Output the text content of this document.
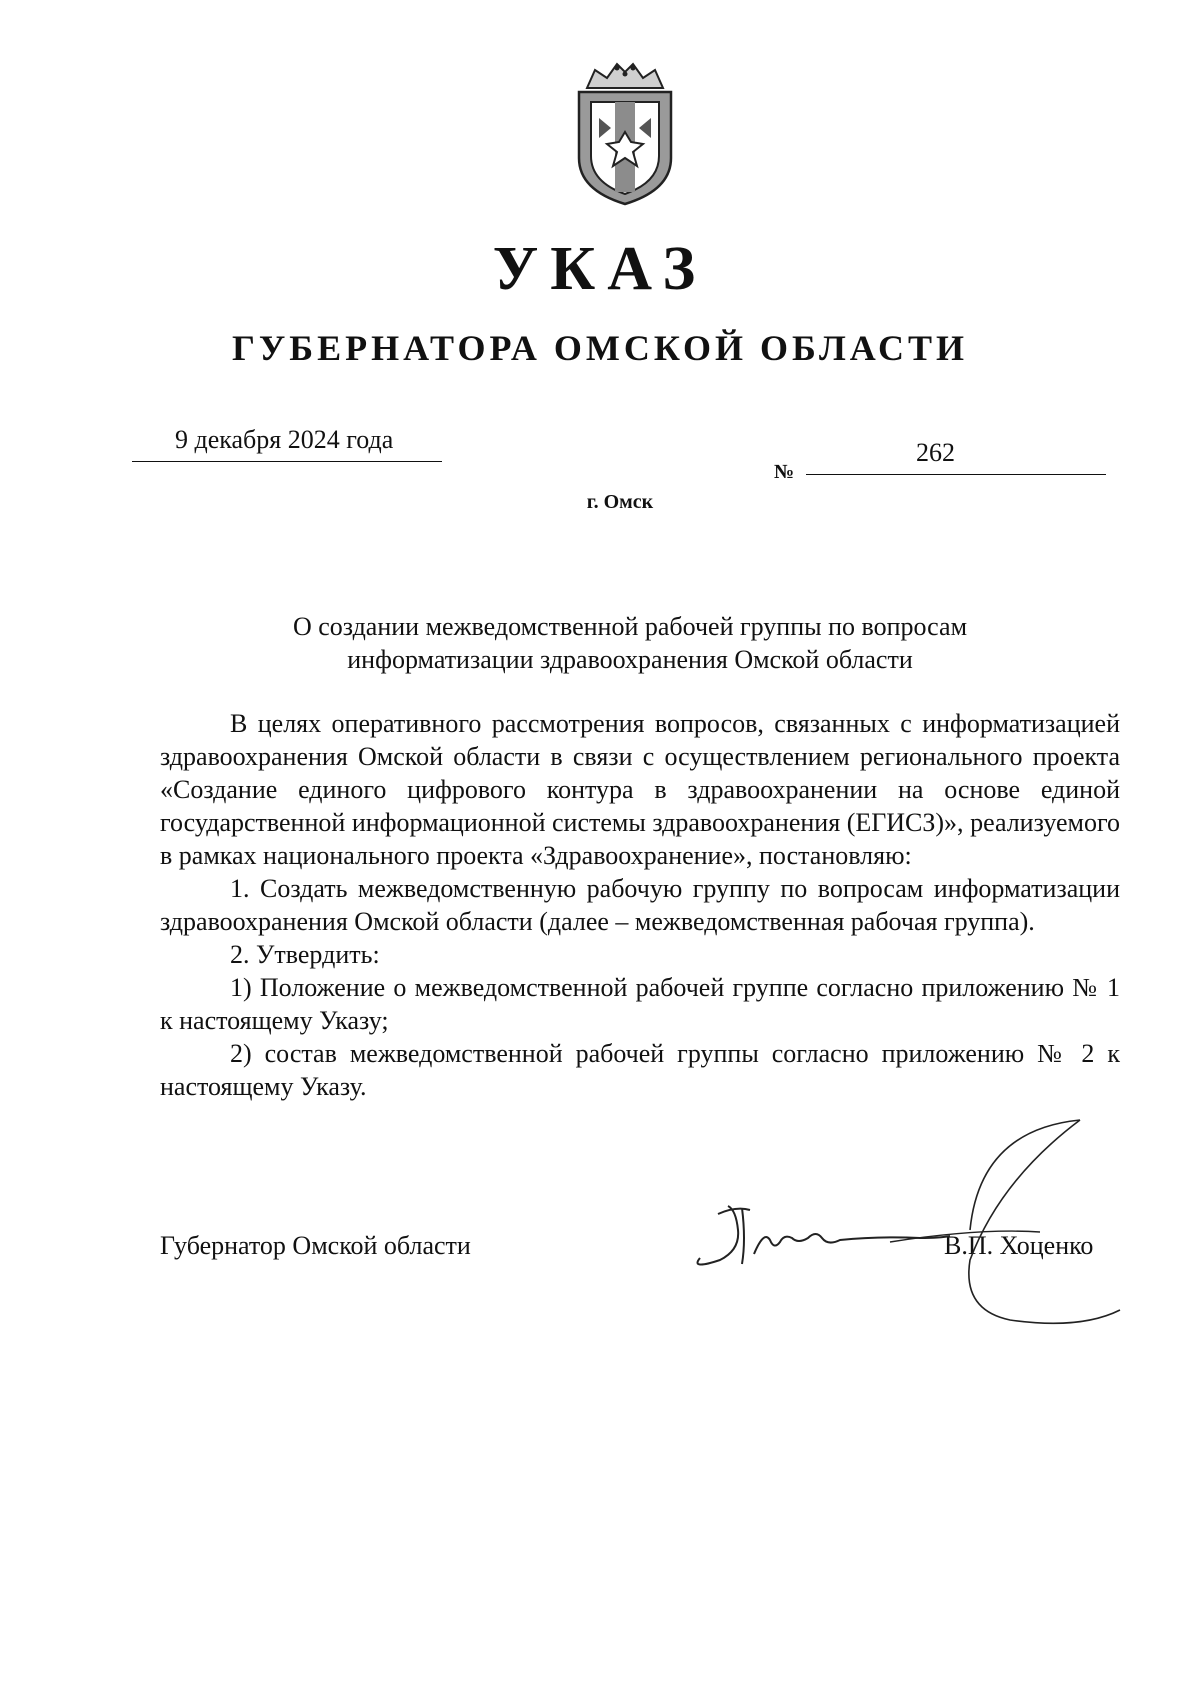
УКАЗ
ГУБЕРНАТОРА ОМСКОЙ ОБЛАСТИ
9 декабря 2024 года
№
262
г. Омск
О создании межведомственной рабочей группы по вопросам
информатизации здравоохранения Омской области

В целях оперативного рассмотрения вопросов, связанных с информатизацией здравоохранения Омской области в связи с осуществлением регионального проекта «Создание единого цифрового контура в здравоохранении на основе единой государственной информационной системы здравоохранения (ЕГИСЗ)», реализуемого в рамках национального проекта «Здравоохранение», постановляю:

1. Создать межведомственную рабочую группу по вопросам информатизации здравоохранения Омской области (далее – межведомственная рабочая группа).

2. Утвердить:

1) Положение о межведомственной рабочей группе согласно приложению № 1 к настоящему Указу;

2) состав межведомственной рабочей группы согласно приложению № 2 к настоящему Указу.

Губернатор Омской области	В.П. Хоценко
